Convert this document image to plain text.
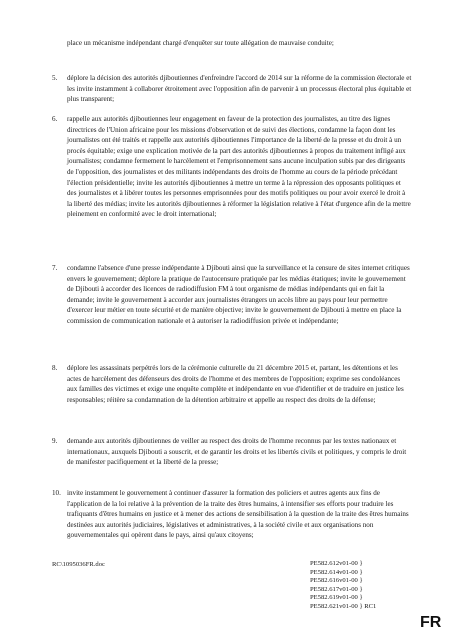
place un mécanisme indépendant chargé d'enquêter sur toute allégation de mauvaise conduite;

5.	déplore la décision des autorités djiboutiennes d'enfreindre l'accord de 2014 sur la réforme de la commission électorale et les invite instamment à collaborer étroitement avec l'opposition afin de parvenir à un processus électoral plus équitable et plus transparent;

6.	rappelle aux autorités djiboutiennes leur engagement en faveur de la protection des journalistes, au titre des lignes directrices de l'Union africaine pour les missions d'observation et de suivi des élections, condamne la façon dont les journalistes ont été traités et rappelle aux autorités djiboutiennes l'importance de la liberté de la presse et du droit à un procès équitable; exige une explication motivée de la part des autorités djiboutiennes à propos du traitement infligé aux journalistes; condamne fermement le harcèlement et l'emprisonnement sans aucune inculpation subis par des dirigeants de l'opposition, des journalistes et des militants indépendants des droits de l'homme au cours de la période précédant l'élection présidentielle; invite les autorités djiboutiennes à mettre un terme à la répression des opposants politiques et des journalistes et à libérer toutes les personnes emprisonnées pour des motifs politiques ou pour avoir exercé le droit à la liberté des médias; invite les autorités djiboutiennes à réformer la législation relative à l'état d'urgence afin de la mettre pleinement en conformité avec le droit international;

7.	condamne l'absence d'une presse indépendante à Djibouti ainsi que la surveillance et la censure de sites internet critiques envers le gouvernement; déplore la pratique de l'autocensure pratiquée par les médias étatiques; invite le gouvernement de Djibouti à accorder des licences de radiodiffusion FM à tout organisme de médias indépendants qui en fait la demande; invite le gouvernement à accorder aux journalistes étrangers un accès libre au pays pour leur permettre d'exercer leur métier en toute sécurité et de manière objective; invite le gouvernement de Djibouti à mettre en place la commission de communication nationale et à autoriser la radiodiffusion privée et indépendante;

8.	déplore les assassinats perpétrés lors de la cérémonie culturelle du 21 décembre 2015 et, partant, les détentions et les actes de harcèlement des défenseurs des droits de l'homme et des membres de l'opposition; exprime ses condoléances aux familles des victimes et exige une enquête complète et indépendante en vue d'identifier et de traduire en justice les responsables; réitère sa condamnation de la détention arbitraire et appelle au respect des droits de la défense;

9.	demande aux autorités djiboutiennes de veiller au respect des droits de l'homme reconnus par les textes nationaux et internationaux, auxquels Djibouti a souscrit, et de garantir les droits et les libertés civils et politiques, y compris le droit de manifester pacifiquement et la liberté de la presse;

10. invite instamment le gouvernement à continuer d'assurer la formation des policiers et autres agents aux fins de l'application de la loi relative à la prévention de la traite des êtres humains, à intensifier ses efforts pour traduire les trafiquants d'êtres humains en justice et à mener des actions de sensibilisation à la question de la traite des êtres humains destinées aux autorités judiciaires, législatives et administratives, à la société civile et aux organisations non gouvernementales qui opèrent dans le pays, ainsi qu'aux citoyens;

RC\1095036FR.doc	PE582.612v01-00 }
PE582.614v01-00 }
PE582.616v01-00 }
PE582.617v01-00 }
PE582.619v01-00 }
PE582.621v01-00 } RC1
FR
